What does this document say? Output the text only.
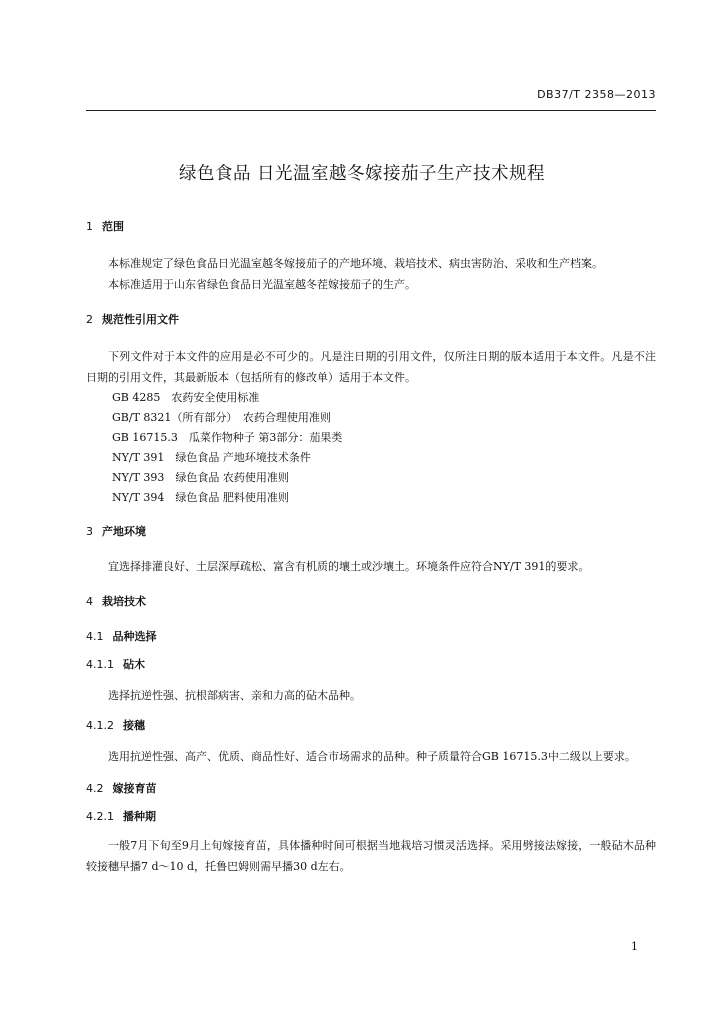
DB37/T 2358—2013
绿色食品 日光温室越冬嫁接茄子生产技术规程
1 范围

本标准规定了绿色食品日光温室越冬嫁接茄子的产地环境、栽培技术、病虫害防治、采收和生产档案。

本标准适用于山东省绿色食品日光温室越冬茬嫁接茄子的生产。

2 规范性引用文件

下列文件对于本文件的应用是必不可少的。凡是注日期的引用文件，仅所注日期的版本适用于本文件。凡是不注日期的引用文件，其最新版本（包括所有的修改单）适用于本文件。

GB 4285　农药安全使用标准

GB/T 8321（所有部分）　农药合理使用准则

GB 16715.3　瓜菜作物种子 第3部分：茄果类

NY/T 391　绿色食品 产地环境技术条件

NY/T 393　绿色食品 农药使用准则

NY/T 394　绿色食品 肥料使用准则

3 产地环境

宜选择排灌良好、土层深厚疏松、富含有机质的壤土或沙壤土。环境条件应符合NY/T 391的要求。

4 栽培技术
4.1 品种选择
4.1.1 砧木

选择抗逆性强、抗根部病害、亲和力高的砧木品种。

4.1.2 接穗

选用抗逆性强、高产、优质、商品性好、适合市场需求的品种。种子质量符合GB 16715.3中二级以上要求。

4.2 嫁接育苗
4.2.1 播种期

一般7月下旬至9月上旬嫁接育苗，具体播种时间可根据当地栽培习惯灵活选择。采用劈接法嫁接，一般砧木品种较接穗早播7 d～10 d，托鲁巴姆则需早播30 d左右。

1
